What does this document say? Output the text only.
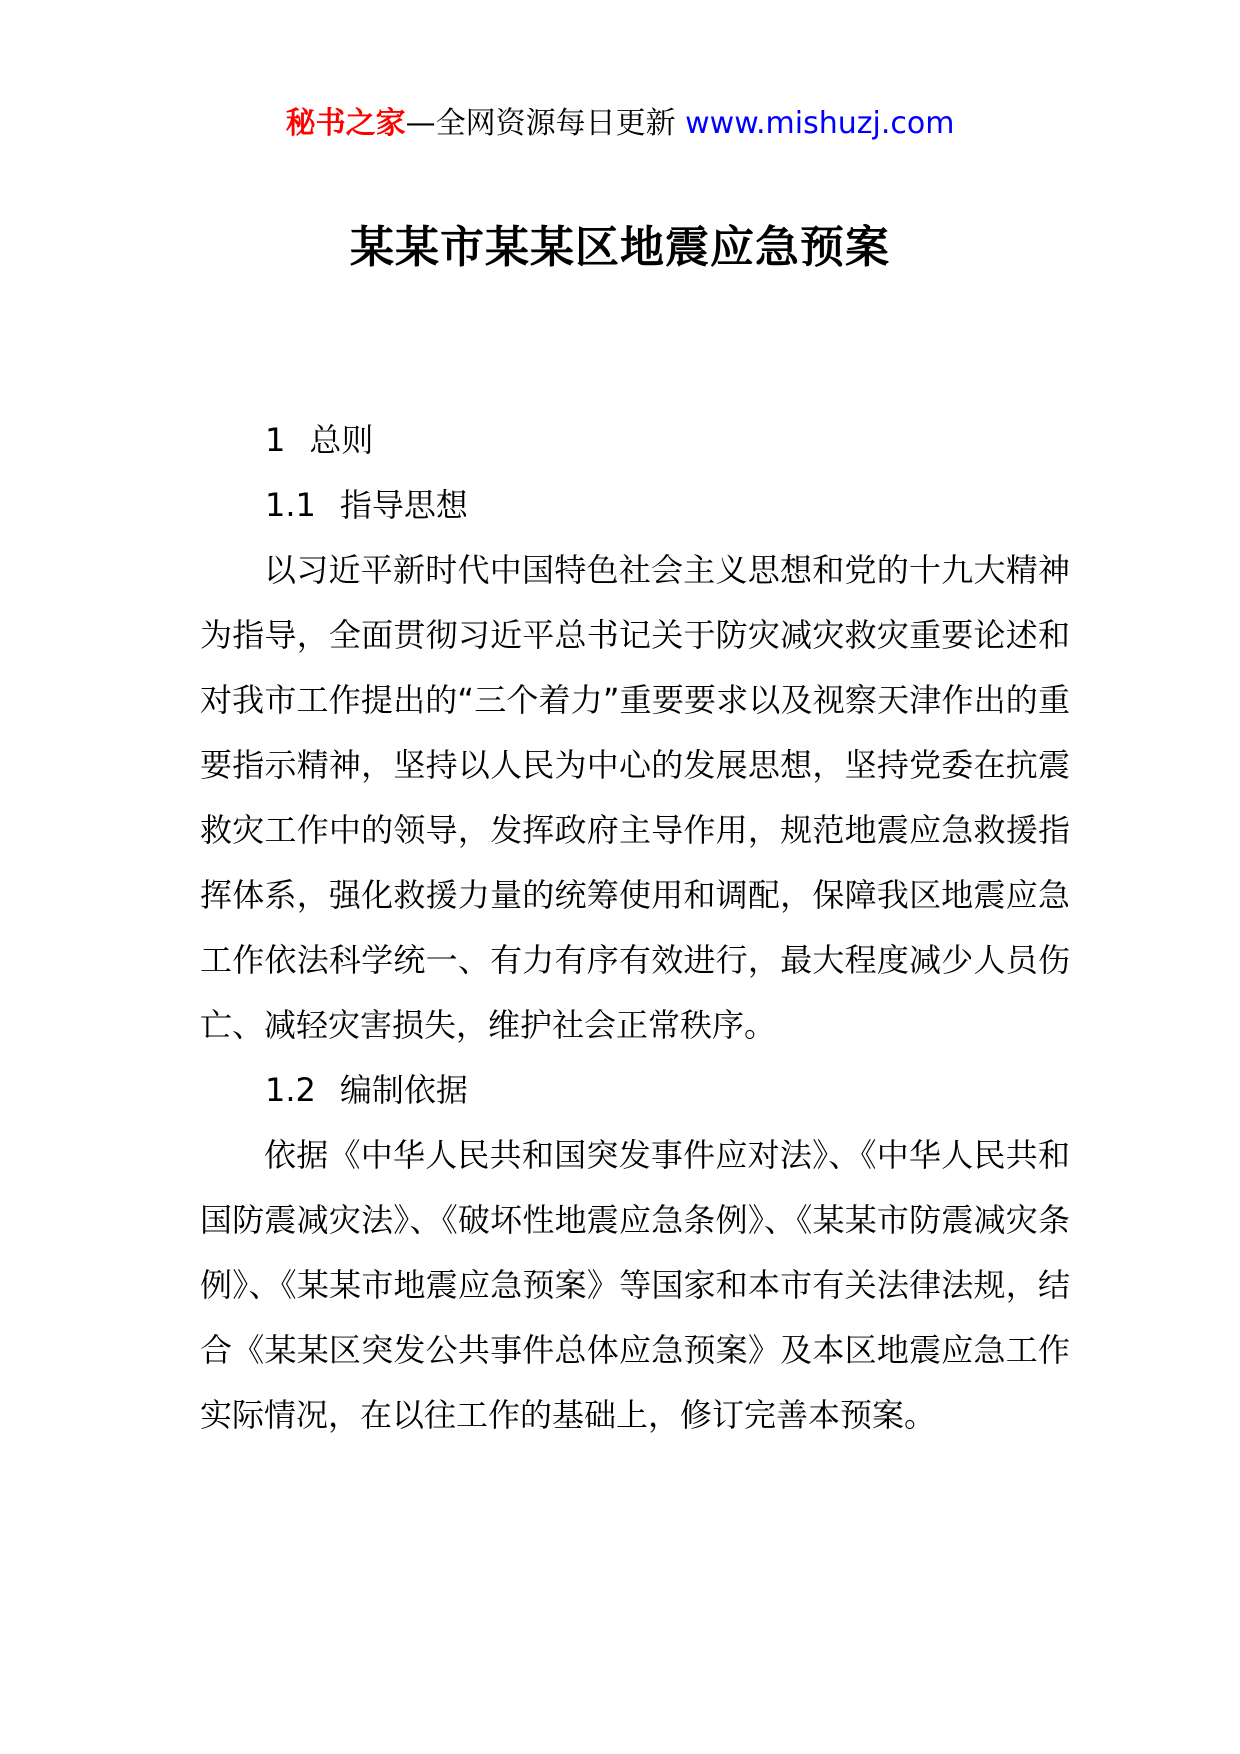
秘书之家—全网资源每日更新 www.mishuzj.com
某某市某某区地震应急预案
1 总则
1.1 指导思想

以习近平新时代中国特色社会主义思想和党的十九大精神为指导，全面贯彻习近平总书记关于防灾减灾救灾重要论述和对我市工作提出的“三个着力”重要要求以及视察天津作出的重要指示精神，坚持以人民为中心的发展思想，坚持党委在抗震救灾工作中的领导，发挥政府主导作用，规范地震应急救援指挥体系，强化救援力量的统筹使用和调配，保障我区地震应急工作依法科学统一、有力有序有效进行，最大程度减少人员伤亡、减轻灾害损失，维护社会正常秩序。

1.2 编制依据

依据《中华人民共和国突发事件应对法》、《中华人民共和国防震减灾法》、《破坏性地震应急条例》、《某某市防震减灾条例》、《某某市地震应急预案》等国家和本市有关法律法规，结合《某某区突发公共事件总体应急预案》及本区地震应急工作实际情况，在以往工作的基础上，修订完善本预案。
